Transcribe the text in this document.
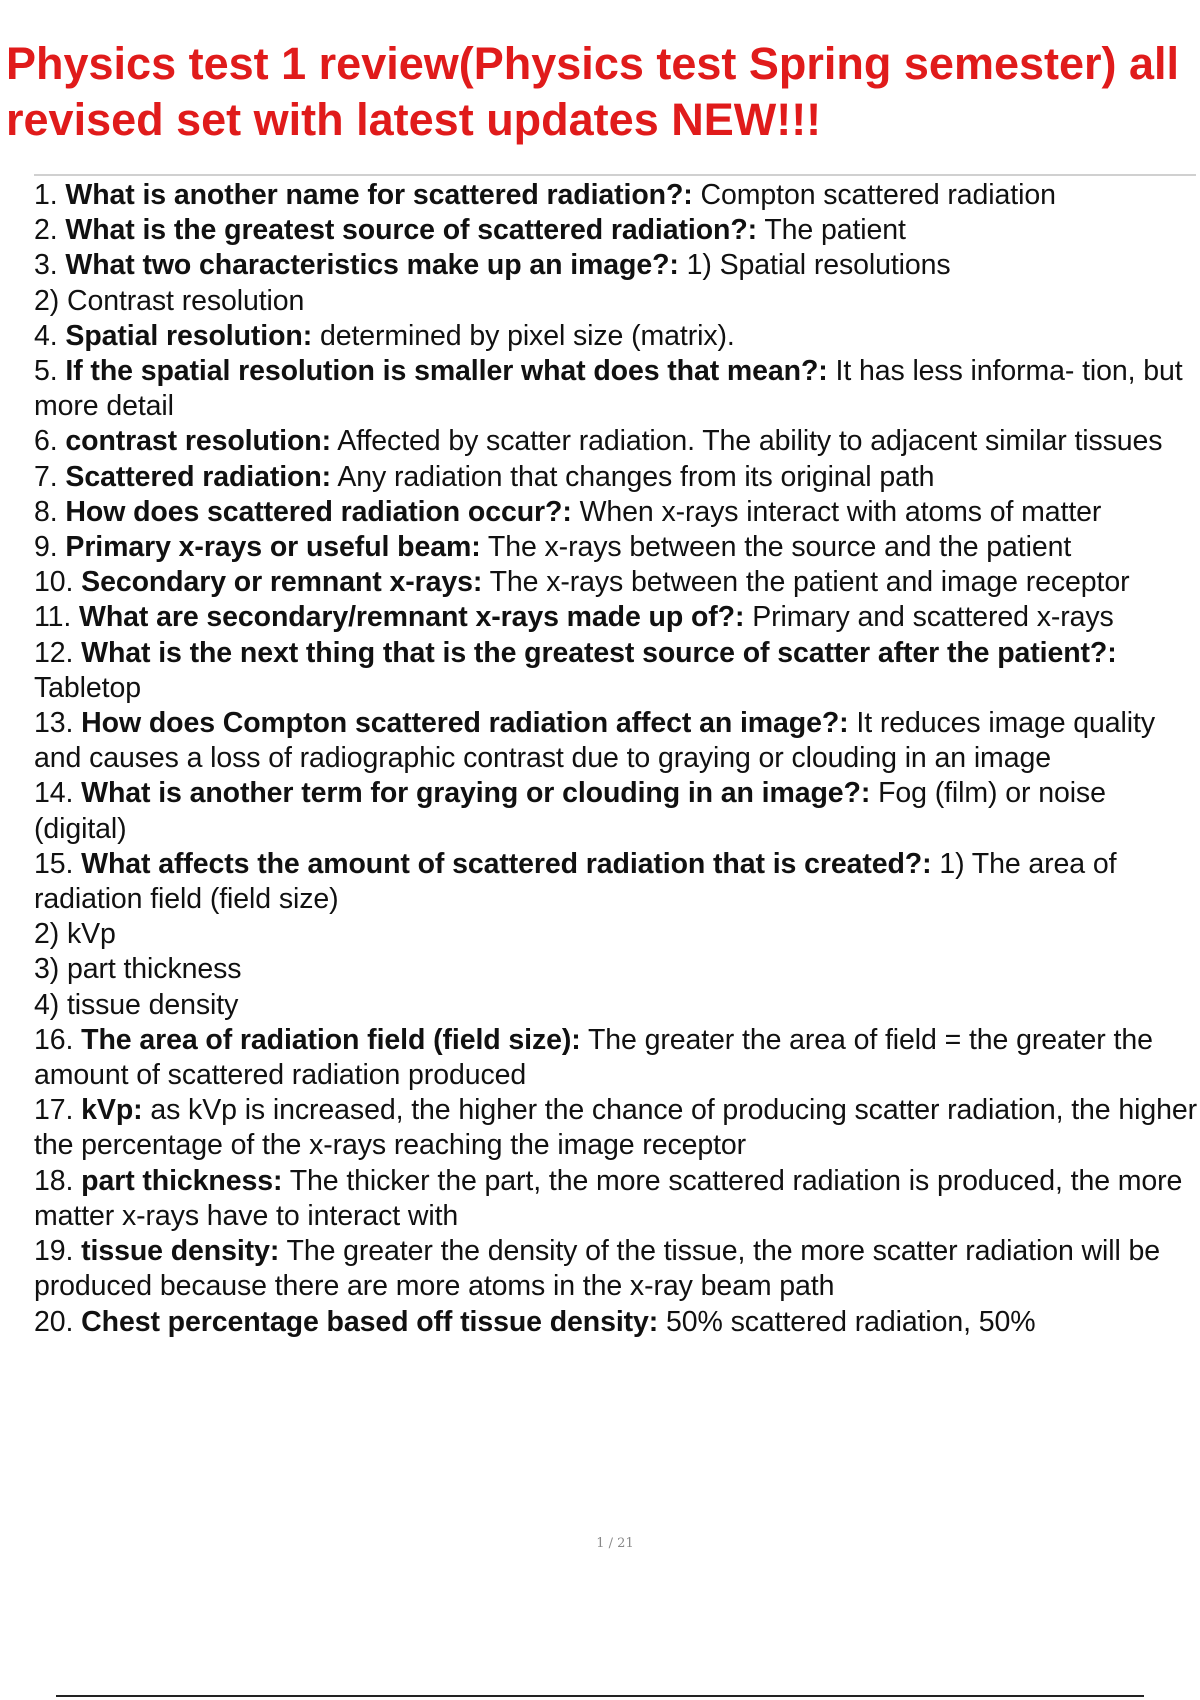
Physics test 1 review(Physics test Spring semester) all revised set with latest updates NEW!!!
1. What is another name for scattered radiation?: Compton scattered radiation
2. What is the greatest source of scattered radiation?: The patient
3. What two characteristics make up an image?: 1) Spatial resolutions
2) Contrast resolution
4. Spatial resolution: determined by pixel size (matrix).
5. If the spatial resolution is smaller what does that mean?: It has less informa- tion, but more detail
6. contrast resolution: Affected by scatter radiation. The ability to adjacent similar tissues
7. Scattered radiation: Any radiation that changes from its original path
8. How does scattered radiation occur?: When x-rays interact with atoms of matter
9. Primary x-rays or useful beam: The x-rays between the source and the patient
10. Secondary or remnant x-rays: The x-rays between the patient and image receptor
11. What are secondary/remnant x-rays made up of?: Primary and scattered x-rays
12. What is the next thing that is the greatest source of scatter after the patient?: Tabletop
13. How does Compton scattered radiation affect an image?: It reduces image quality and causes a loss of radiographic contrast due to graying or clouding in an image
14. What is another term for graying or clouding in an image?: Fog (film) or noise (digital)
15. What affects the amount of scattered radiation that is created?: 1) The area of radiation field (field size)
2) kVp
3) part thickness
4) tissue density
16. The area of radiation field (field size): The greater the area of field = the greater the amount of scattered radiation produced
17. kVp: as kVp is increased, the higher the chance of producing scatter radiation, the higher the percentage of the x-rays reaching the image receptor
18. part thickness: The thicker the part, the more scattered radiation is produced, the more matter x-rays have to interact with
19. tissue density: The greater the density of the tissue, the more scatter radiation will be produced because there are more atoms in the x-ray beam path
20. Chest percentage based off tissue density: 50% scattered radiation, 50%
1 / 21
